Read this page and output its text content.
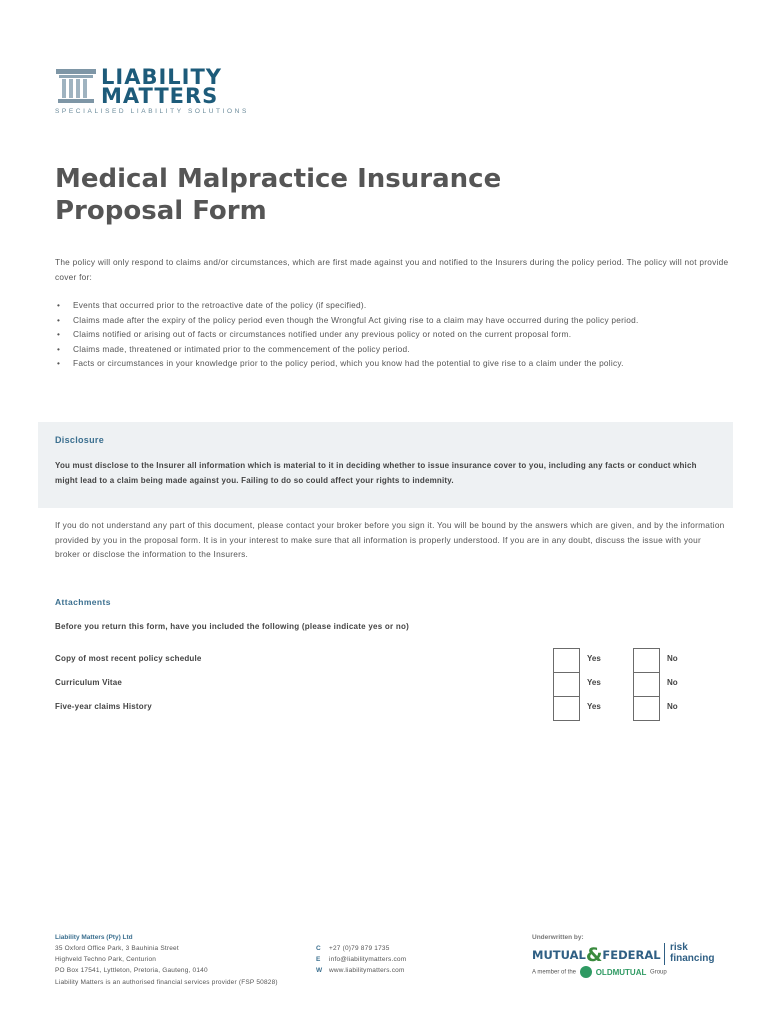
LIABILITY
MATTERS
SPECIALISED LIABILITY SOLUTIONS
Medical Malpractice Insurance
Proposal Form

The policy will only respond to claims and/or circumstances, which are first made against you and notified to the Insurers during the policy period. The policy will not provide cover for:

• Events that occurred prior to the retroactive date of the policy (if specified).
• Claims made after the expiry of the policy period even though the Wrongful Act giving rise to a claim may have occurred during the policy period.
• Claims notified or arising out of facts or circumstances notified under any previous policy or noted on the current proposal form.
• Claims made, threatened or intimated prior to the commencement of the policy period.
• Facts or circumstances in your knowledge prior to the policy period, which you know had the potential to give rise to a claim under the policy.
Disclosure
You must disclose to the Insurer all information which is material to it in deciding whether to issue insurance cover to you, including any facts or conduct which might lead to a claim being made against you. Failing to do so could affect your rights to indemnity.

If you do not understand any part of this document, please contact your broker before you sign it. You will be bound by the answers which are given, and by the information provided by you in the proposal form. It is in your interest to make sure that all information is properly understood. If you are in any doubt, discuss the issue with your broker or disclose the information to the Insurers.

Attachments
Before you return this form, have you included the following (please indicate yes or no)
Copy of most recent policy schedule	Yes	No
Curriculum Vitae	Yes	No
Five-year claims History	Yes	No
Liability Matters (Pty) Ltd
35 Oxford Office Park, 3 Bauhinia Street
Highveld Techno Park, Centurion
PO Box 17541, Lyttleton, Pretoria, Gauteng, 0140
Liability Matters is an authorised financial services provider (FSP 50828)
C +27 (0)79 879 1735
E info@liabilitymatters.com
W www.liabilitymatters.com
Underwritten by:
MUTUAL&FEDERAL
risk
financing
A member of the OLDMUTUAL Group
